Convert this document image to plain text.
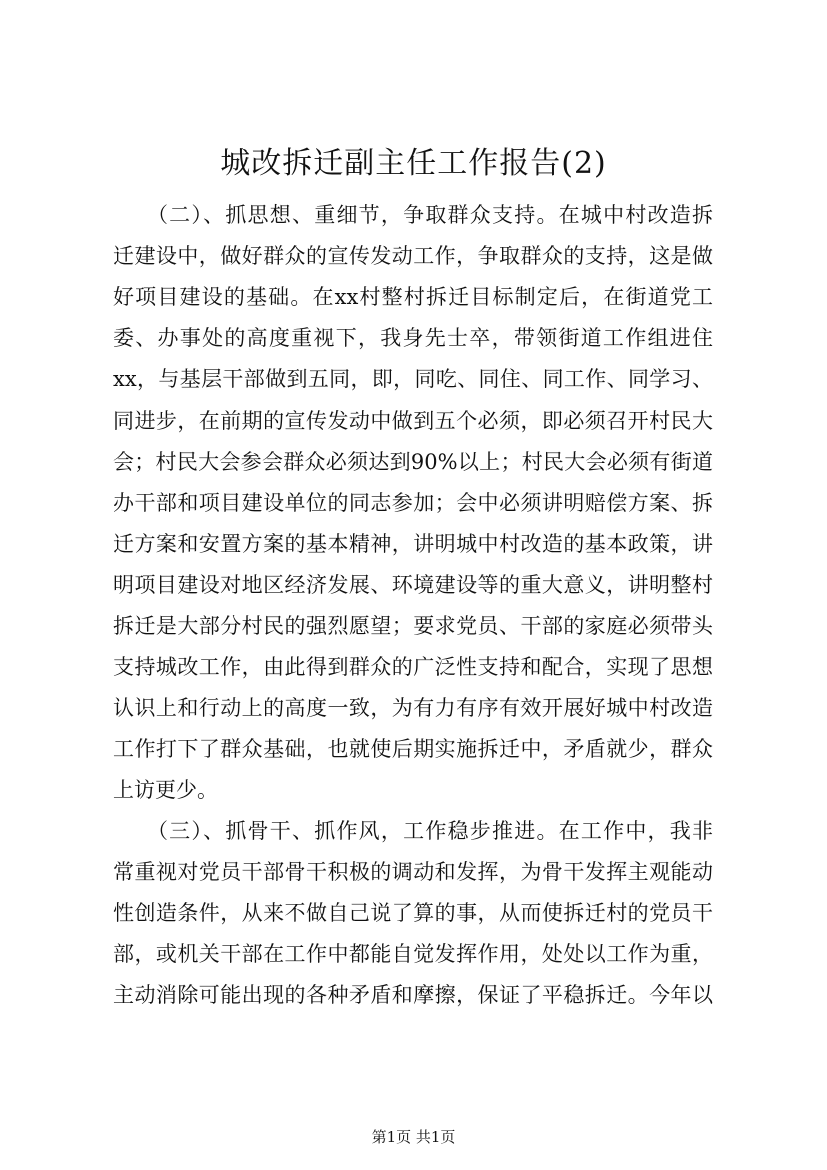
城改拆迁副主任工作报告(2)
　　（二）、抓思想、重细节，争取群众支持。在城中村改造拆
迁建设中，做好群众的宣传发动工作，争取群众的支持，这是做
好项目建设的基础。在xx村整村拆迁目标制定后，在街道党工
委、办事处的高度重视下，我身先士卒，带领街道工作组进住
xx，与基层干部做到五同，即，同吃、同住、同工作、同学习、
同进步，在前期的宣传发动中做到五个必须，即必须召开村民大
会；村民大会参会群众必须达到90%以上；村民大会必须有街道
办干部和项目建设单位的同志参加；会中必须讲明赔偿方案、拆
迁方案和安置方案的基本精神，讲明城中村改造的基本政策，讲
明项目建设对地区经济发展、环境建设等的重大意义，讲明整村
拆迁是大部分村民的强烈愿望；要求党员、干部的家庭必须带头
支持城改工作，由此得到群众的广泛性支持和配合，实现了思想
认识上和行动上的高度一致，为有力有序有效开展好城中村改造
工作打下了群众基础，也就使后期实施拆迁中，矛盾就少，群众
上访更少。
　　（三）、抓骨干、抓作风，工作稳步推进。在工作中，我非
常重视对党员干部骨干积极的调动和发挥，为骨干发挥主观能动
性创造条件，从来不做自己说了算的事，从而使拆迁村的党员干
部，或机关干部在工作中都能自觉发挥作用，处处以工作为重，
主动消除可能出现的各种矛盾和摩擦，保证了平稳拆迁。今年以
第1页 共1页
